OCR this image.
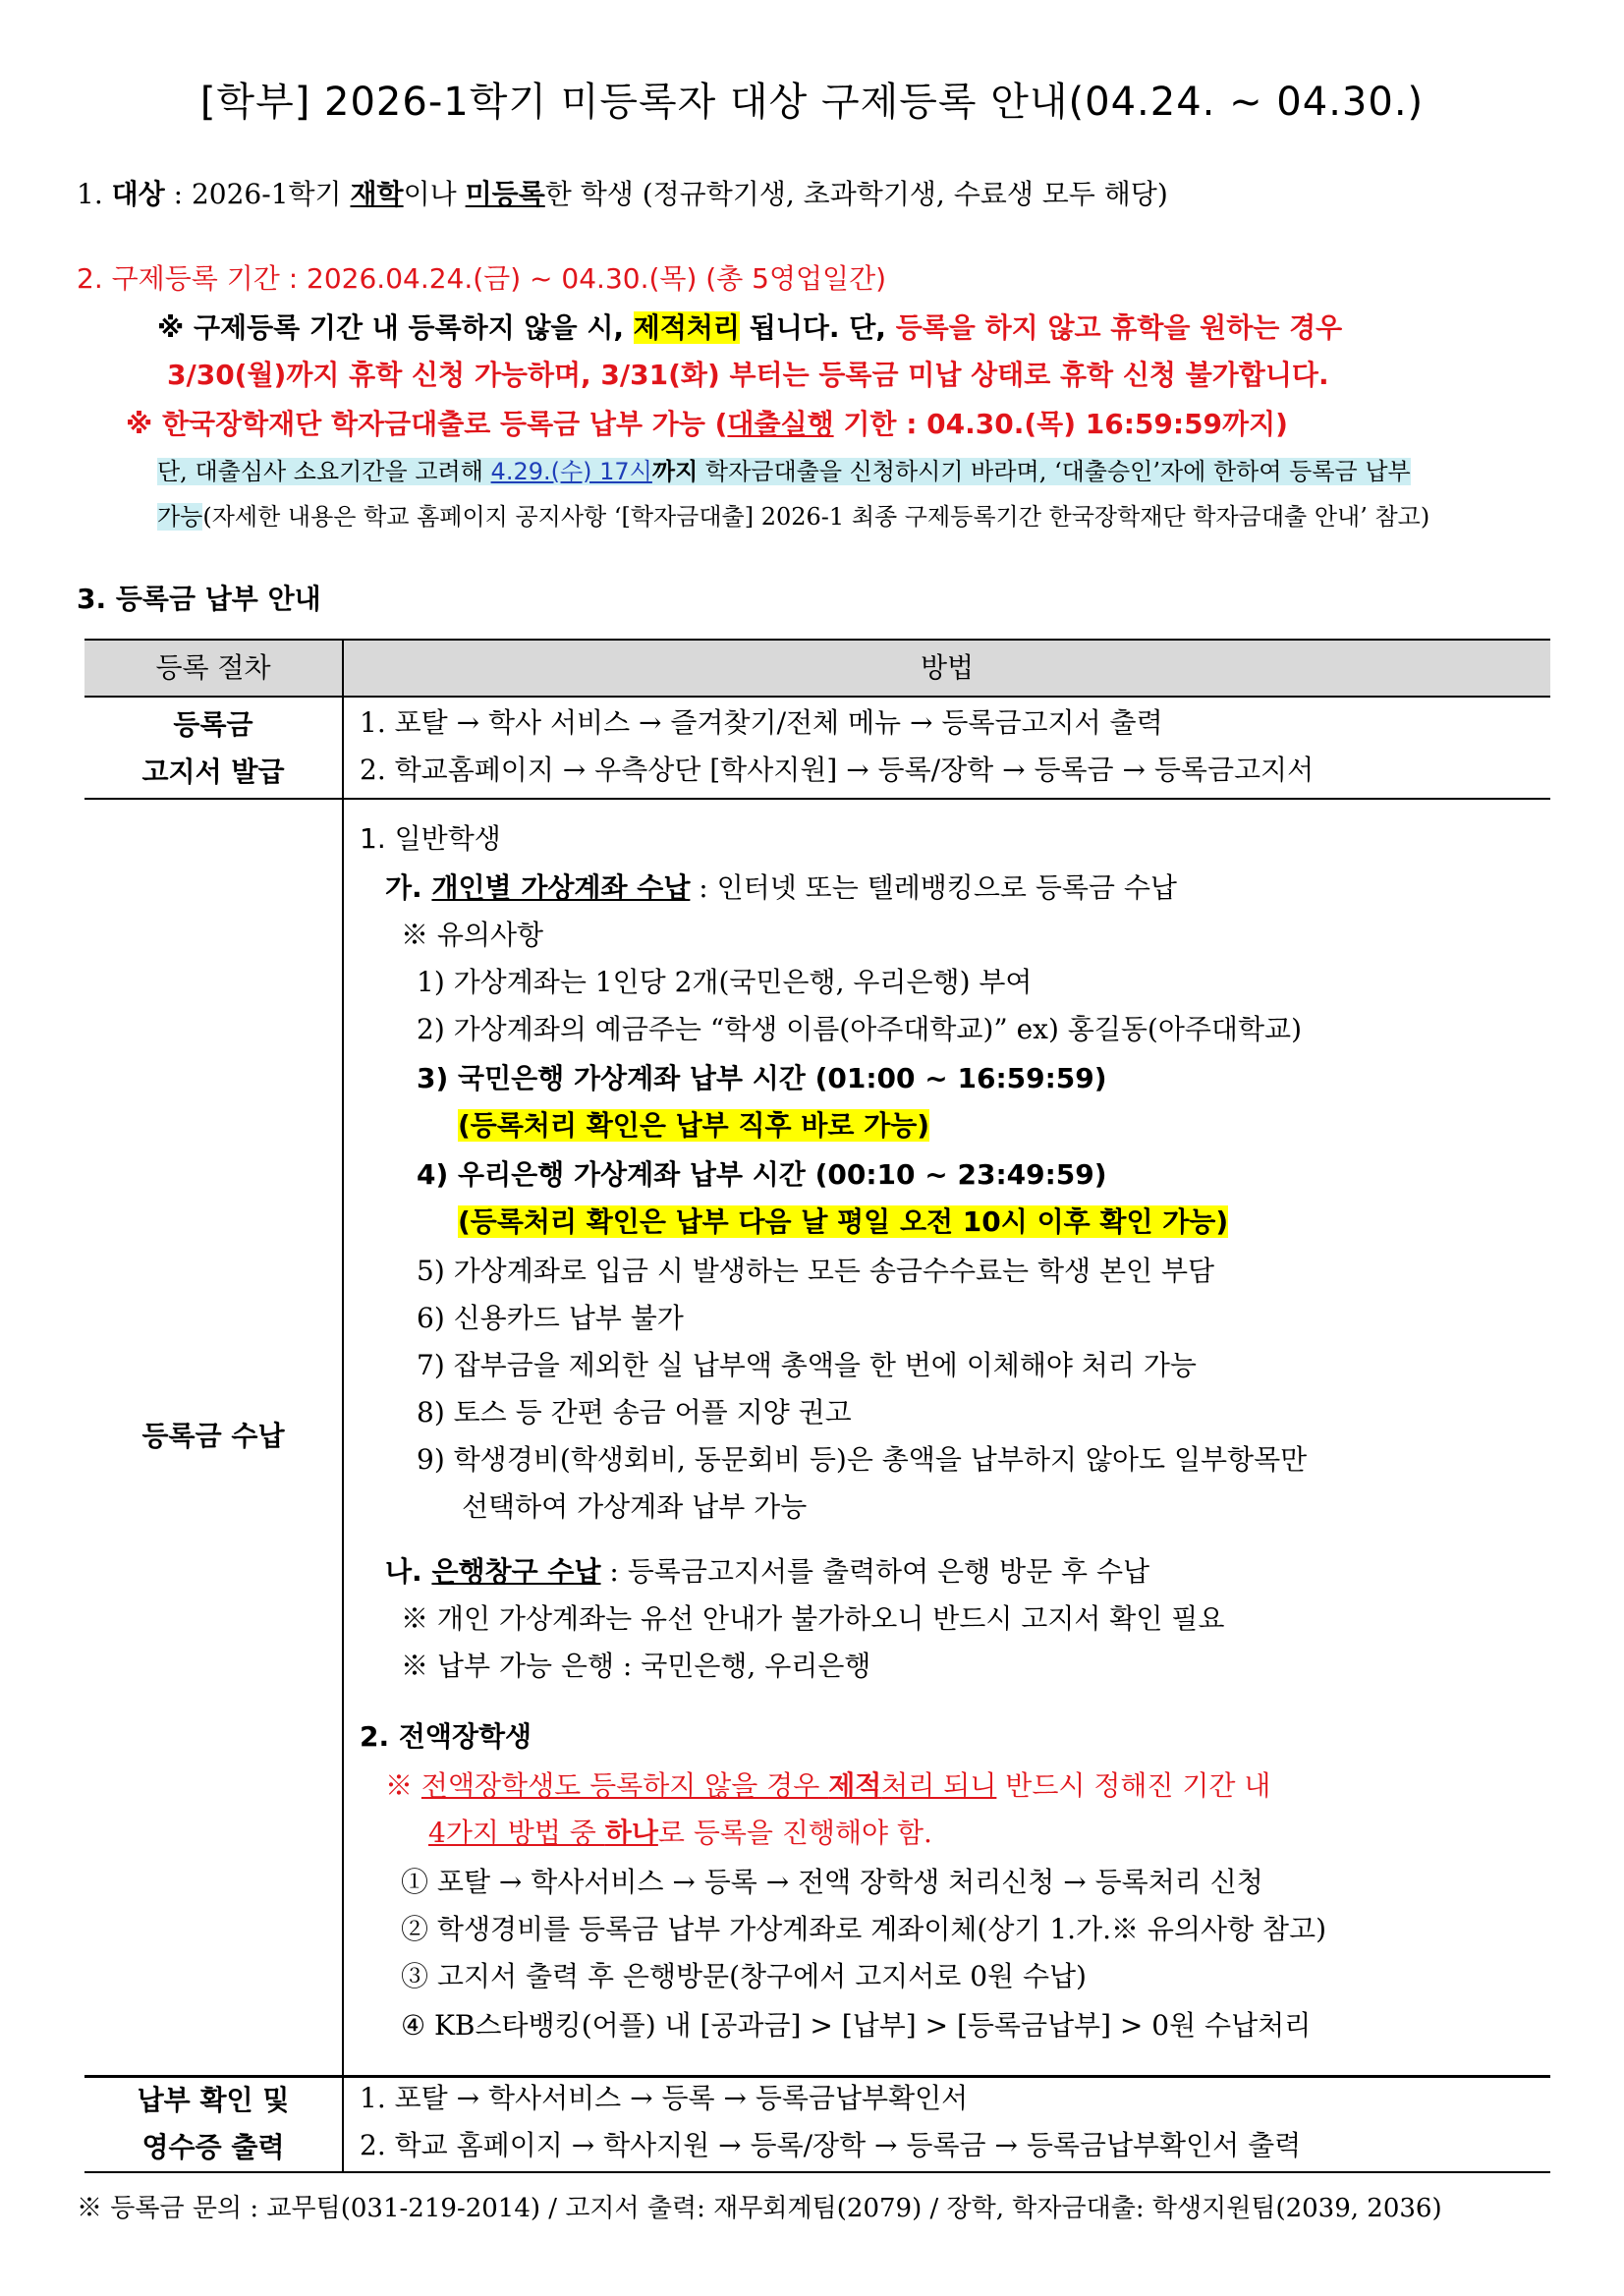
[학부] 2026-1학기 미등록자 대상 구제등록 안내(04.24. ~ 04.30.)
1. 대상 : 2026-1학기 재학이나 미등록한 학생 (정규학기생, 초과학기생, 수료생 모두 해당)
2. 구제등록 기간 : 2026.04.24.(금) ~ 04.30.(목) (총 5영업일간)
※ 구제등록 기간 내 등록하지 않을 시, 제적처리 됩니다. 단, 등록을 하지 않고 휴학을 원하는 경우
3/30(월)까지 휴학 신청 가능하며, 3/31(화) 부터는 등록금 미납 상태로 휴학 신청 불가합니다.
※ 한국장학재단 학자금대출로 등록금 납부 가능 (대출실행 기한 : 04.30.(목) 16:59:59까지)
단, 대출심사 소요기간을 고려해 4.29.(수) 17시까지 학자금대출을 신청하시기 바라며, ‘대출승인’자에 한하여 등록금 납부
가능(자세한 내용은 학교 홈페이지 공지사항 ‘[학자금대출] 2026-1 최종 구제등록기간 한국장학재단 학자금대출 안내’ 참고)
3. 등록금 납부 안내
등록 절차	방법
등록금
고지서 발급
1. 포탈 → 학사 서비스 → 즐겨찾기/전체 메뉴 → 등록금고지서 출력
2. 학교홈페이지 → 우측상단 [학사지원] → 등록/장학 → 등록금 → 등록금고지서
등록금 수납
1. 일반학생
가. 개인별 가상계좌 수납 : 인터넷 또는 텔레뱅킹으로 등록금 수납
※ 유의사항
1) 가상계좌는 1인당 2개(국민은행, 우리은행) 부여
2) 가상계좌의 예금주는 “학생 이름(아주대학교)” ex) 홍길동(아주대학교)
3) 국민은행 가상계좌 납부 시간 (01:00 ~ 16:59:59)
(등록처리 확인은 납부 직후 바로 가능)
4) 우리은행 가상계좌 납부 시간 (00:10 ~ 23:49:59)
(등록처리 확인은 납부 다음 날 평일 오전 10시 이후 확인 가능)
5) 가상계좌로 입금 시 발생하는 모든 송금수수료는 학생 본인 부담
6) 신용카드 납부 불가
7) 잡부금을 제외한 실 납부액 총액을 한 번에 이체해야 처리 가능
8) 토스 등 간편 송금 어플 지양 권고
9) 학생경비(학생회비, 동문회비 등)은 총액을 납부하지 않아도 일부항목만
선택하여 가상계좌 납부 가능
나. 은행창구 수납 : 등록금고지서를 출력하여 은행 방문 후 수납
※ 개인 가상계좌는 유선 안내가 불가하오니 반드시 고지서 확인 필요
※ 납부 가능 은행 : 국민은행, 우리은행
2. 전액장학생
※ 전액장학생도 등록하지 않을 경우 제적처리 되니 반드시 정해진 기간 내
4가지 방법 중 하나로 등록을 진행해야 함.
① 포탈 → 학사서비스 → 등록 → 전액 장학생 처리신청 → 등록처리 신청
② 학생경비를 등록금 납부 가상계좌로 계좌이체(상기 1.가.※ 유의사항 참고)
③ 고지서 출력 후 은행방문(창구에서 고지서로 0원 수납)
④ KB스타뱅킹(어플) 내 [공과금] > [납부] > [등록금납부] > 0원 수납처리
납부 확인 및
영수증 출력
1. 포탈 → 학사서비스 → 등록 → 등록금납부확인서
2. 학교 홈페이지 → 학사지원 → 등록/장학 → 등록금 → 등록금납부확인서 출력
※ 등록금 문의 : 교무팀(031-219-2014) / 고지서 출력: 재무회계팀(2079) / 장학, 학자금대출: 학생지원팀(2039, 2036)
